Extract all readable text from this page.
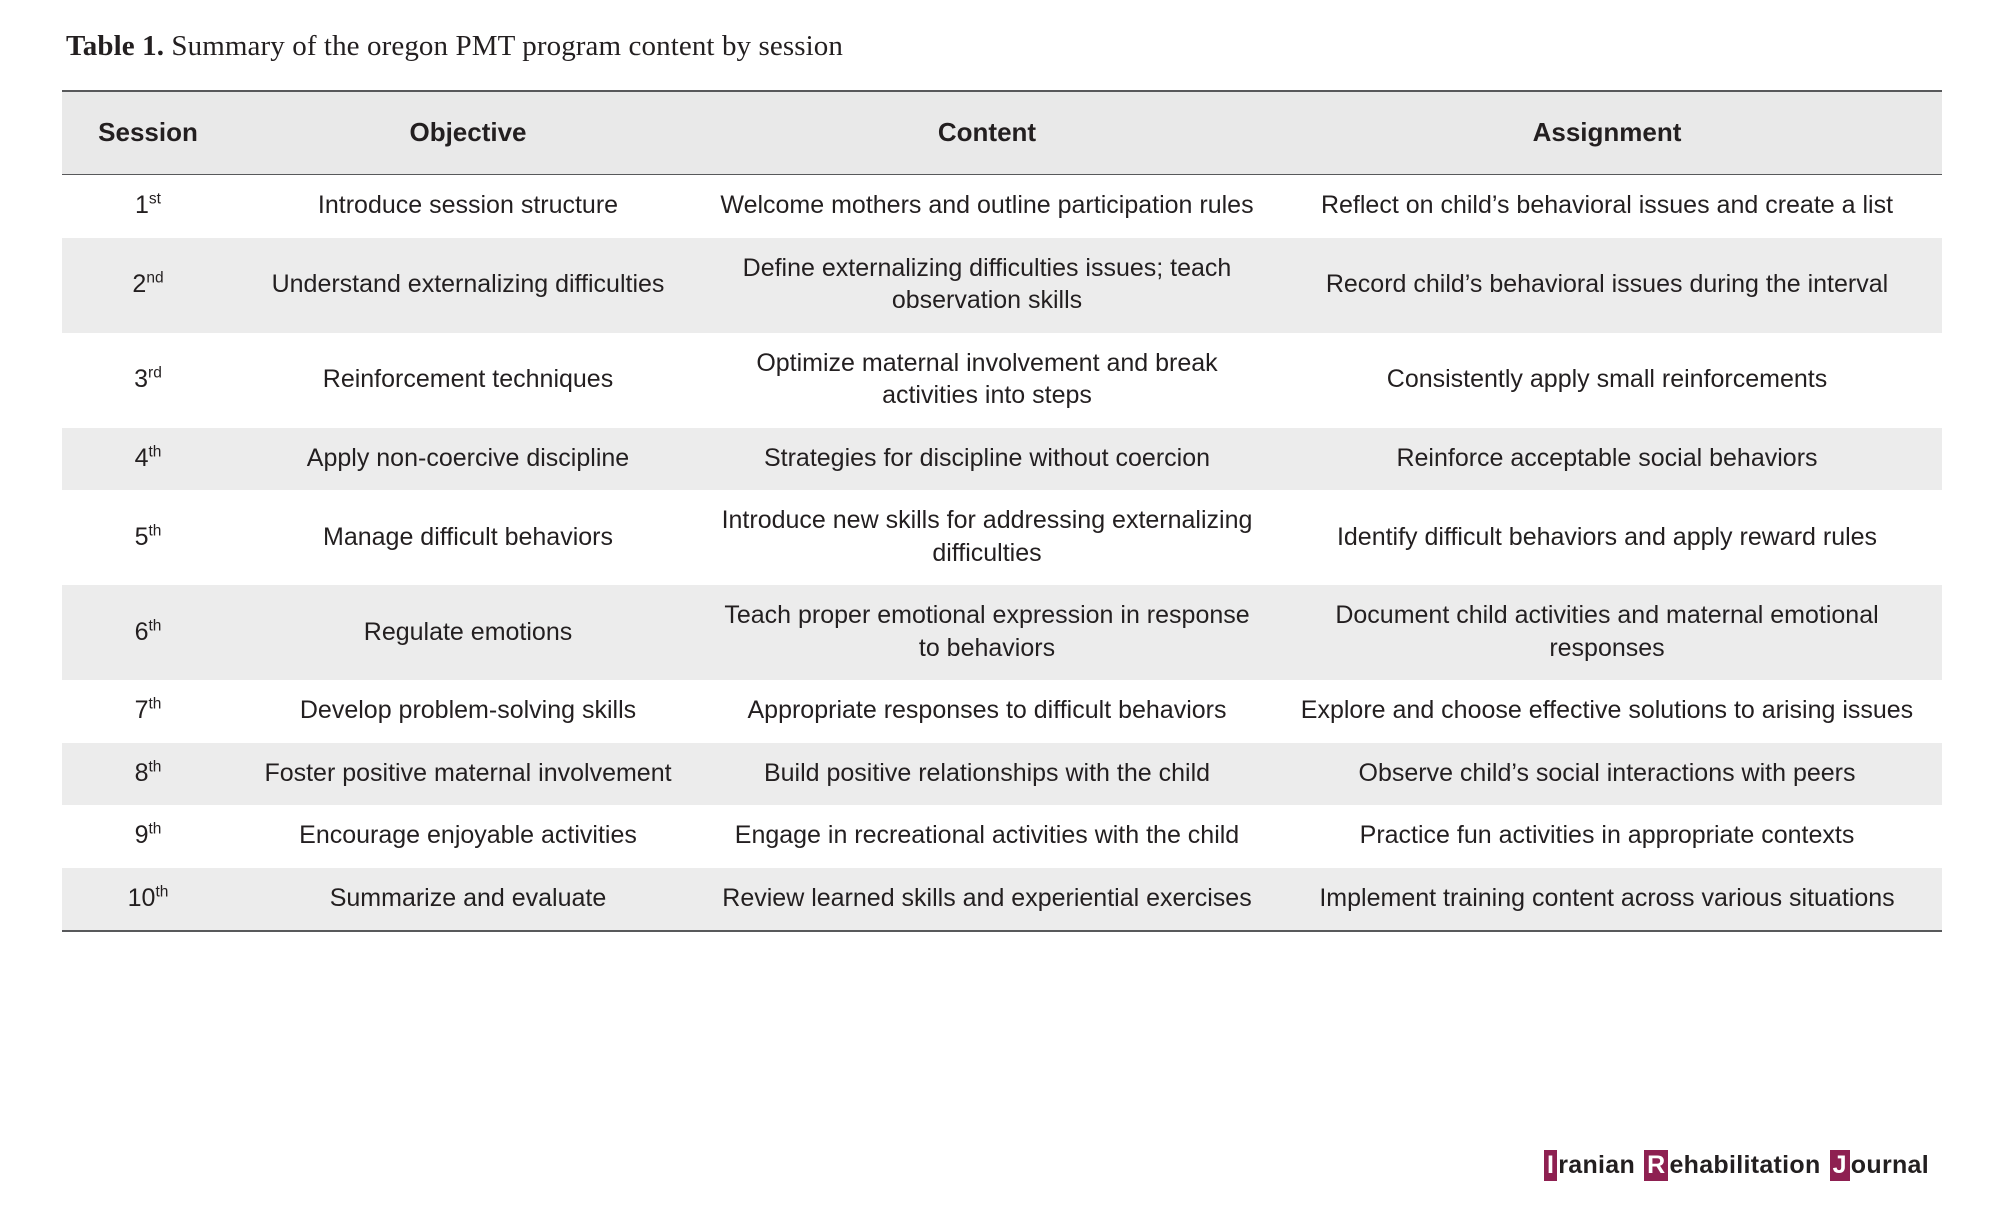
Table 1. Summary of the oregon PMT program content by session

Session	Objective	Content	Assignment
1st	Introduce session structure	Welcome mothers and outline participation rules	Reflect on child’s behavioral issues and create a list
2nd	Understand externalizing difficulties	Define externalizing difficulties issues; teach observation skills	Record child’s behavioral issues during the interval
3rd	Reinforcement techniques	Optimize maternal involvement and break activities into steps	Consistently apply small reinforcements
4th	Apply non-coercive discipline	Strategies for discipline without coercion	Reinforce acceptable social behaviors
5th	Manage difficult behaviors	Introduce new skills for addressing externalizing difficulties	Identify difficult behaviors and apply reward rules
6th	Regulate emotions	Teach proper emotional expression in response to behaviors	Document child activities and maternal emotional responses
7th	Develop problem-solving skills	Appropriate responses to difficult behaviors	Explore and choose effective solutions to arising issues
8th	Foster positive maternal involvement	Build positive relationships with the child	Observe child’s social interactions with peers
9th	Encourage enjoyable activities	Engage in recreational activities with the child	Practice fun activities in appropriate contexts
10th	Summarize and evaluate	Review learned skills and experiential exercises	Implement training content across various situations
I ranian R ehabilitation J ournal
